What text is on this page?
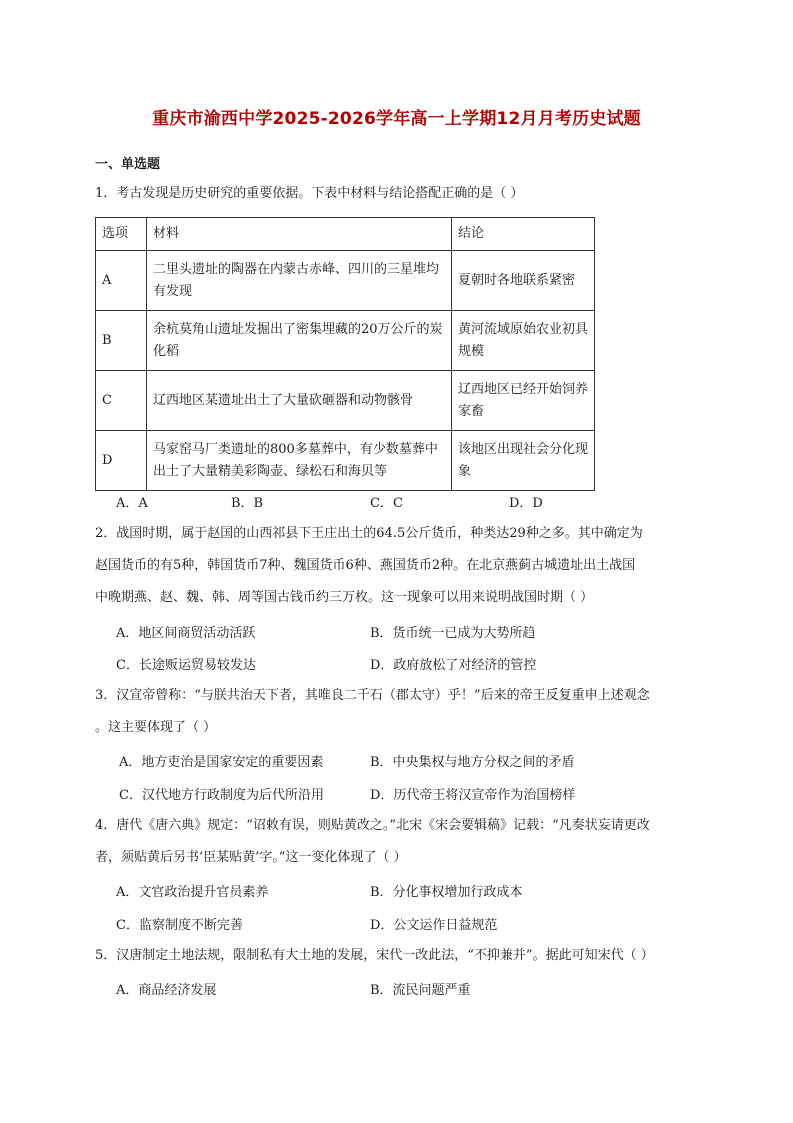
重庆市渝西中学2025-2026学年高一上学期12月月考历史试题
一、单选题

1．考古发现是历史研究的重要依据。下表中材料与结论搭配正确的是（ ）

选项	材料	结论
A	二里头遗址的陶器在内蒙古赤峰、四川的三星堆均有发现	夏朝时各地联系紧密
B	余杭莫角山遗址发掘出了密集埋藏的20万公斤的炭化稻	黄河流域原始农业初具规模
C	辽西地区某遗址出土了大量砍砸器和动物骸骨	辽西地区已经开始饲养家畜
D	马家窑马厂类遗址的800多墓葬中，有少数墓葬中出土了大量精美彩陶壶、绿松石和海贝等	该地区出现社会分化现象
A．A	B．B	C．C	D．D

2．战国时期，属于赵国的山西祁县下王庄出土的64.5公斤货币，种类达29种之多。其中确定为

赵国货币的有5种，韩国货币7种、魏国货币6种、燕国货币2种。在北京燕蓟古城遗址出土战国

中晚期燕、赵、魏、韩、周等国古钱币约三万枚。这一现象可以用来说明战国时期（ ）

A．地区间商贸活动活跃	B．货币统一已成为大势所趋
C．长途贩运贸易较发达	D．政府放松了对经济的管控

3．汉宣帝曾称：“与朕共治天下者，其唯良二千石（郡太守）乎！”后来的帝王反复重申上述观念

。这主要体现了（ ）

A．地方吏治是国家安定的重要因素	B．中央集权与地方分权之间的矛盾
C．汉代地方行政制度为后代所沿用	D．历代帝王将汉宣帝作为治国榜样

4．唐代《唐六典》规定：“诏敕有误，则贴黄改之。”北宋《宋会要辑稿》记载：“凡奏状妄请更改

者，须贴黄后另书‘臣某贴黄’字。”这一变化体现了（ ）

A．文官政治提升官员素养	B．分化事权增加行政成本
C．监察制度不断完善	D．公文运作日益规范

5．汉唐制定土地法规，限制私有大土地的发展，宋代一改此法，“不抑兼并”。据此可知宋代（ ）

A．商品经济发展	B．流民问题严重
